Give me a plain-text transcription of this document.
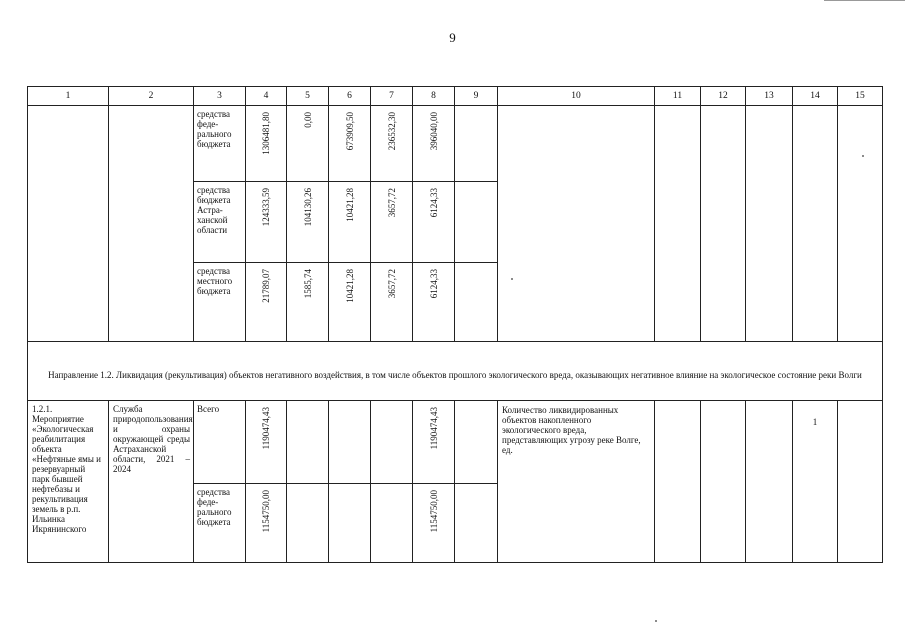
9
1	2	3	4	5	6	7	8	9	10	11	12	13	14	15
		средства феде-рального бюджета	1306481,80	0,00	673909,50	236532,30	396040,00							

		средства бюджета Астра-ханской области	124333,59	104130,26	10421,28	3657,72	6124,33							

		средства местного бюджета	21789,07	1585,74	10421,28	3657,72	6124,33							

Направление 1.2. Ликвидация (рекультивация) объектов негативного воздействия, в том числе объектов прошлого экологического вреда, оказывающих негативное влияние на экологическое состояние реки Волги														
1.2.1. Мероприятие «Экологическая реабилитация объекта «Нефтяные ямы и резервуарный парк бывшей нефтебазы и рекультивация земель в р.п. Ильинка Икрянинского	Служба природопользования и охраны окружающей среды Астраханской области, 2021 – 2024	Всего	1190474,43				1190474,43		Количество ликвидированных объектов накопленного экологического вреда, представляющих угрозу реке Волге, ед.				1	
		средства феде-рального бюджета	1154750,00				1154750,00							
